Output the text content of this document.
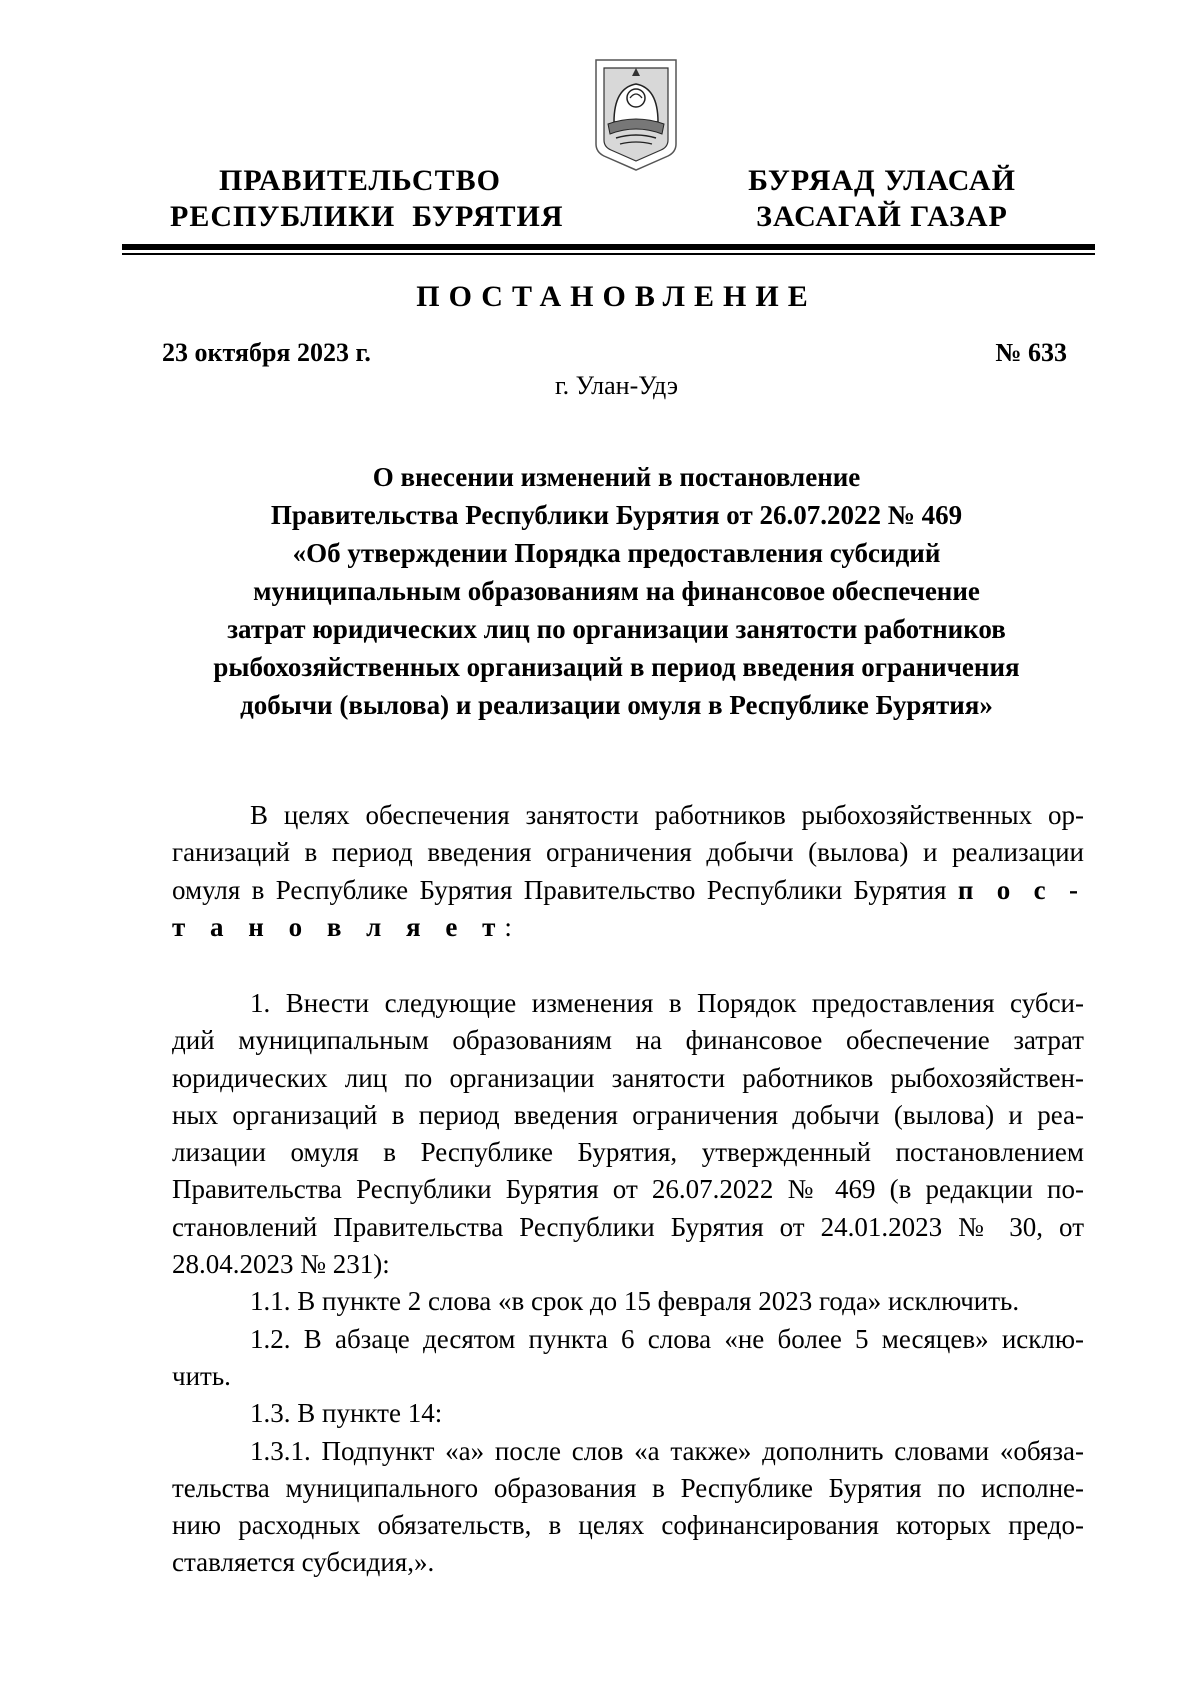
ПРАВИТЕЛЬСТВО
РЕСПУБЛИКИ  БУРЯТИЯ
БУРЯАД УЛАСАЙ
ЗАСАГАЙ ГАЗАР
ПОСТАНОВЛЕНИЕ
23 октября 2023 г.	№ 633
г. Улан-Удэ
О внесении изменений в постановление
Правительства Республики Бурятия от 26.07.2022 № 469
«Об утверждении Порядка предоставления субсидий
муниципальным образованиям на финансовое обеспечение
затрат юридических лиц по организации занятости работников
рыбохозяйственных организаций в период введения ограничения
добычи (вылова) и реализации омуля в Республике Бурятия»
В целях обеспечения занятости работников рыбохозяйственных ор-
ганизаций в период введения ограничения добычи (вылова) и реализации
омуля в Республике Бурятия Правительство Республики Бурятия п о с -
т а н о в л я е т:
1. Внести следующие изменения в Порядок предоставления субси-
дий муниципальным образованиям на финансовое обеспечение затрат
юридических лиц по организации занятости работников рыбохозяйствен-
ных организаций в период введения ограничения добычи (вылова) и реа-
лизации омуля в Республике Бурятия, утвержденный постановлением
Правительства Республики Бурятия от 26.07.2022 № 469 (в редакции по-
становлений Правительства Республики Бурятия от 24.01.2023 № 30, от
28.04.2023 № 231):
1.1. В пункте 2 слова «в срок до 15 февраля 2023 года» исключить.
1.2. В абзаце десятом пункта 6 слова «не более 5 месяцев» исклю-
чить.
1.3. В пункте 14:
1.3.1. Подпункт «а» после слов «а также» дополнить словами «обяза-
тельства муниципального образования в Республике Бурятия по исполне-
нию расходных обязательств, в целях софинансирования которых предо-
ставляется субсидия,».
